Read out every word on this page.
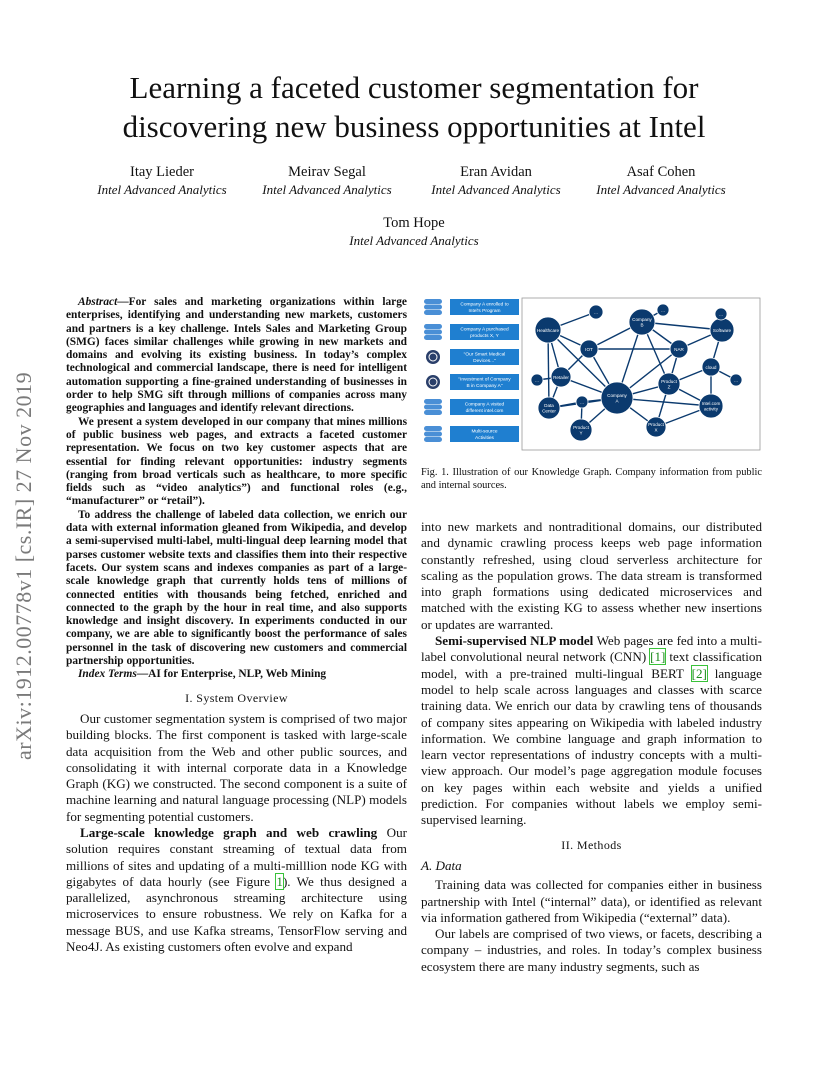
arXiv:1912.00778v1 [cs.IR] 27 Nov 2019
Learning a faceted customer segmentation for
discovering new business opportunities at Intel
Itay Lieder
Intel Advanced Analytics
Meirav Segal
Intel Advanced Analytics
Eran Avidan
Intel Advanced Analytics
Asaf Cohen
Intel Advanced Analytics
Tom Hope
Intel Advanced Analytics

Abstract—For sales and marketing organizations within large enterprises, identifying and understanding new markets, customers and partners is a key challenge. Intels Sales and Marketing Group (SMG) faces similar challenges while growing in new markets and domains and evolving its existing business. In today’s complex technological and commercial landscape, there is need for intelligent automation supporting a fine-grained understanding of businesses in order to help SMG sift through millions of companies across many geographies and languages and identify relevant directions.

We present a system developed in our company that mines millions of public business web pages, and extracts a faceted customer representation. We focus on two key customer aspects that are essential for finding relevant opportunities: industry segments (ranging from broad verticals such as healthcare, to more specific fields such as “video analytics”) and functional roles (e.g., “manufacturer” or “retail”).

To address the challenge of labeled data collection, we enrich our data with external information gleaned from Wikipedia, and develop a semi-supervised multi-label, multi-lingual deep learning model that parses customer website texts and classifies them into their respective facets. Our system scans and indexes companies as part of a large-scale knowledge graph that currently holds tens of millions of connected entities with thousands being fetched, enriched and connected to the graph by the hour in real time, and also supports knowledge and insight discovery. In experiments conducted in our company, we are able to significantly boost the performance of sales personnel in the task of discovering new customers and commercial partnership opportunities.

Index Terms—AI for Enterprise, NLP, Web Mining

I. System Overview

Our customer segmentation system is comprised of two major building blocks. The first component is tasked with large-scale data acquisition from the Web and other public sources, and consolidating it with internal corporate data in a Knowledge Graph (KG) we constructed. The second component is a suite of machine learning and natural language processing (NLP) models for segmenting potential customers.

Large-scale knowledge graph and web crawling Our solution requires constant streaming of textual data from millions of sites and updating of a multi-milllion node KG with gigabytes of data hourly (see Figure 1). We thus designed a parallelized, asynchronous streaming architecture using microservices to ensure robustness. We rely on Kafka for a message BUS, and use Kafka streams, TensorFlow serving and Neo4J. As existing customers often evolve and expand

Company A enrolled to
Intel's Program
Company A purchased
products X, Y
"Our Smart Medical
Devices..."
"Investment of Company
B in Company A"
Company A visited
different intel.com
Multi-source
Activities
Healthcare
Company
B
Software
IOT	NAR
cloud
Retailer
Company
A
Product
Z
Data
Center
Product
Y
Product
X
Intel.com
activity
...	...
...	...
...
...
Fig. 1. Illustration of our Knowledge Graph. Company information from public and internal sources.

into new markets and nontraditional domains, our distributed and dynamic crawling process keeps web page information constantly refreshed, using cloud serverless architecture for scaling as the population grows. The data stream is transformed into graph formations using dedicated microservices and matched with the existing KG to assess whether new insertions or updates are warranted.

Semi-supervised NLP model Web pages are fed into a multi-label convolutional neural network (CNN) [1] text classification model, with a pre-trained multi-lingual BERT [2] language model to help scale across languages and classes with scarce training data. We enrich our data by crawling tens of thousands of company sites appearing on Wikipedia with labeled industry information. We combine language and graph information to learn vector representations of industry concepts with a multi-view approach. Our model’s page aggregation module focuses on key pages within each website and yields a unified prediction. For companies without labels we employ semi-supervised learning.

II. Methods
A. Data

Training data was collected for companies either in business partnership with Intel (“internal” data), or identified as relevant via information gathered from Wikipedia (“external” data).

Our labels are comprised of two views, or facets, describing a company – industries, and roles. In today’s complex business ecosystem there are many industry segments, such as
